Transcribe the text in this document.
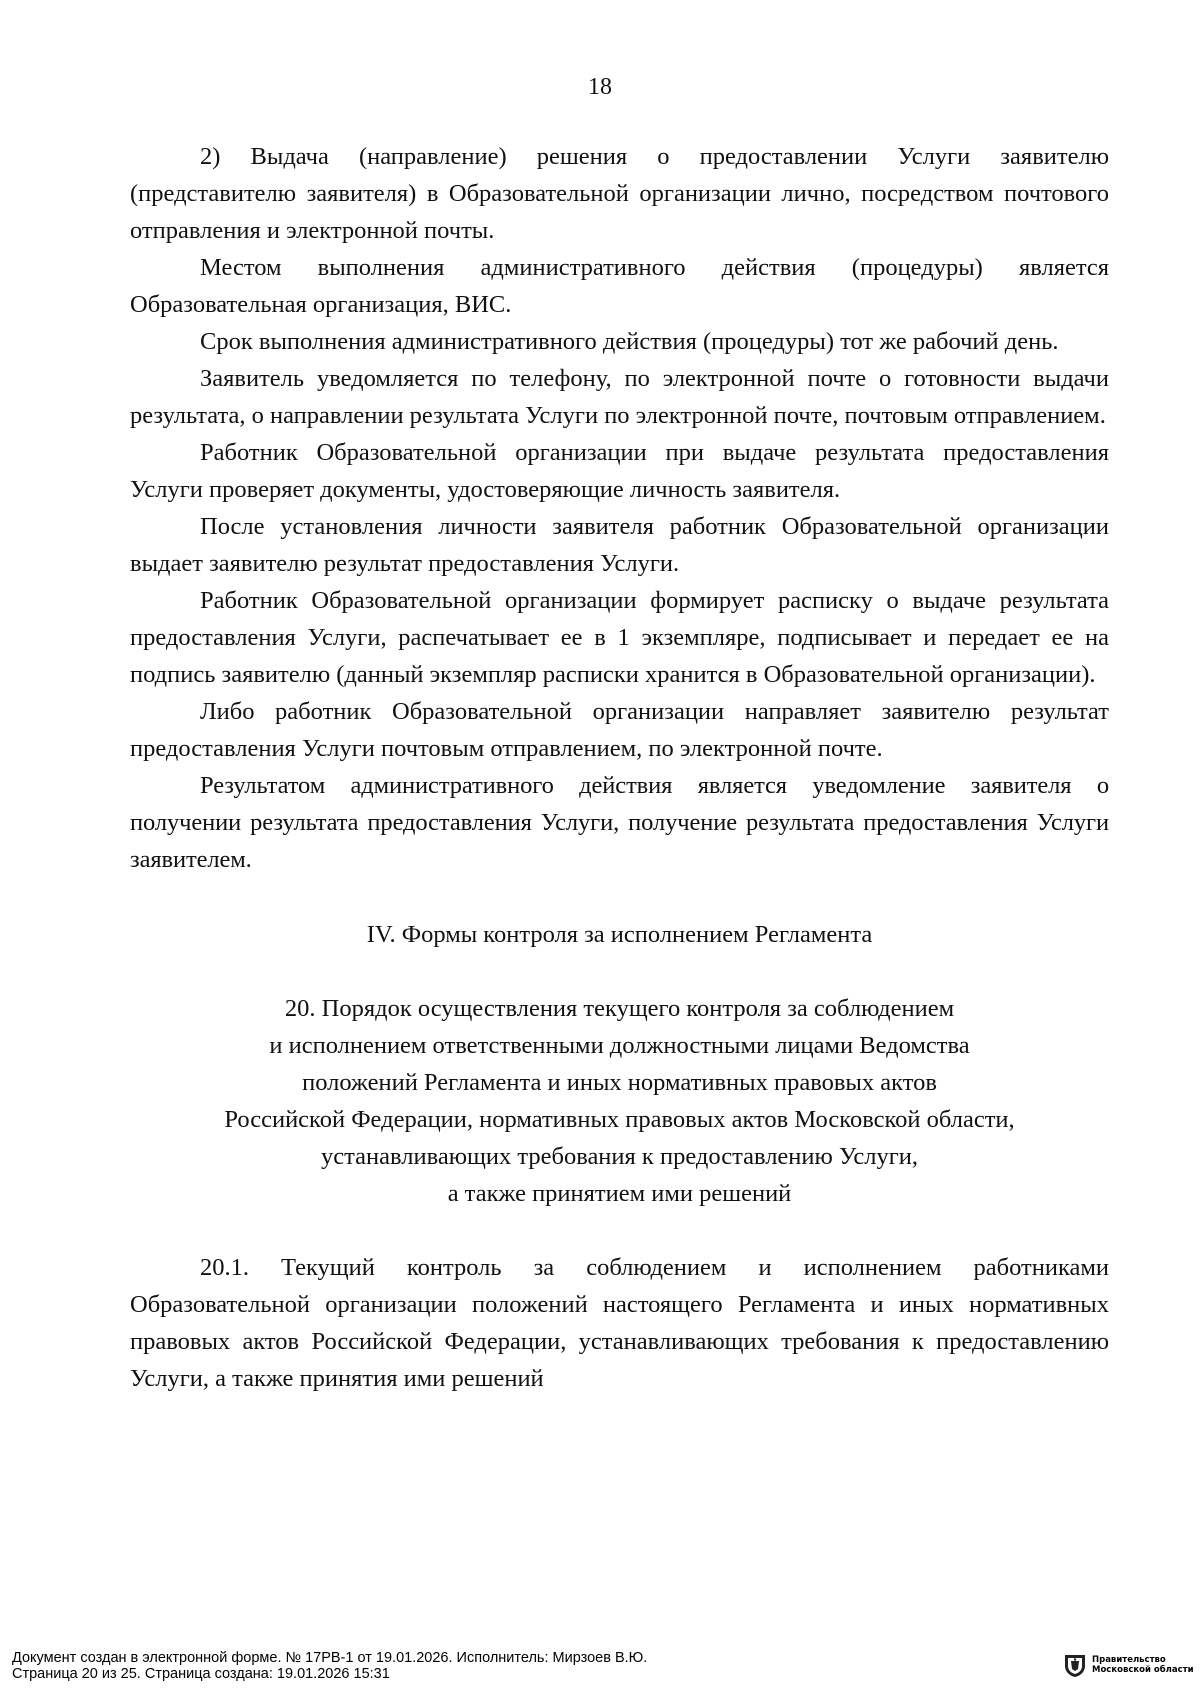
18

2) Выдача (направление) решения о предоставлении Услуги заявителю (представителю заявителя) в Образовательной организации лично, посредством почтового отправления и электронной почты.

Местом выполнения административного действия (процедуры) является Образовательная организация, ВИС.

Срок выполнения административного действия (процедуры) тот же рабочий день.

Заявитель уведомляется по телефону, по электронной почте о готовности выдачи результата, о направлении результата Услуги по электронной почте, почтовым отправлением.

Работник Образовательной организации при выдаче результата предоставления Услуги проверяет документы, удостоверяющие личность заявителя.

После установления личности заявителя работник Образовательной организации выдает заявителю результат предоставления Услуги.

Работник Образовательной организации формирует расписку о выдаче результата предоставления Услуги, распечатывает ее в 1 экземпляре, подписывает и передает ее на подпись заявителю (данный экземпляр расписки хранится в Образовательной организации).

Либо работник Образовательной организации направляет заявителю результат предоставления Услуги почтовым отправлением, по электронной почте.

Результатом административного действия является уведомление заявителя о получении результата предоставления Услуги, получение результата предоставления Услуги заявителем.

IV. Формы контроля за исполнением Регламента
20. Порядок осуществления текущего контроля за соблюдением
и исполнением ответственными должностными лицами Ведомства
положений Регламента и иных нормативных правовых актов
Российской Федерации, нормативных правовых актов Московской области,
устанавливающих требования к предоставлению Услуги,
а также принятием ими решений

20.1. Текущий контроль за соблюдением и исполнением работниками Образовательной организации положений настоящего Регламента и иных нормативных правовых актов Российской Федерации, устанавливающих требования к предоставлению Услуги, а также принятия ими решений

Документ создан в электронной форме. № 17РВ-1 от 19.01.2026. Исполнитель: Мирзоев В.Ю.
Страница 20 из 25. Страница создана: 19.01.2026 15:31
Правительство
Московской области
